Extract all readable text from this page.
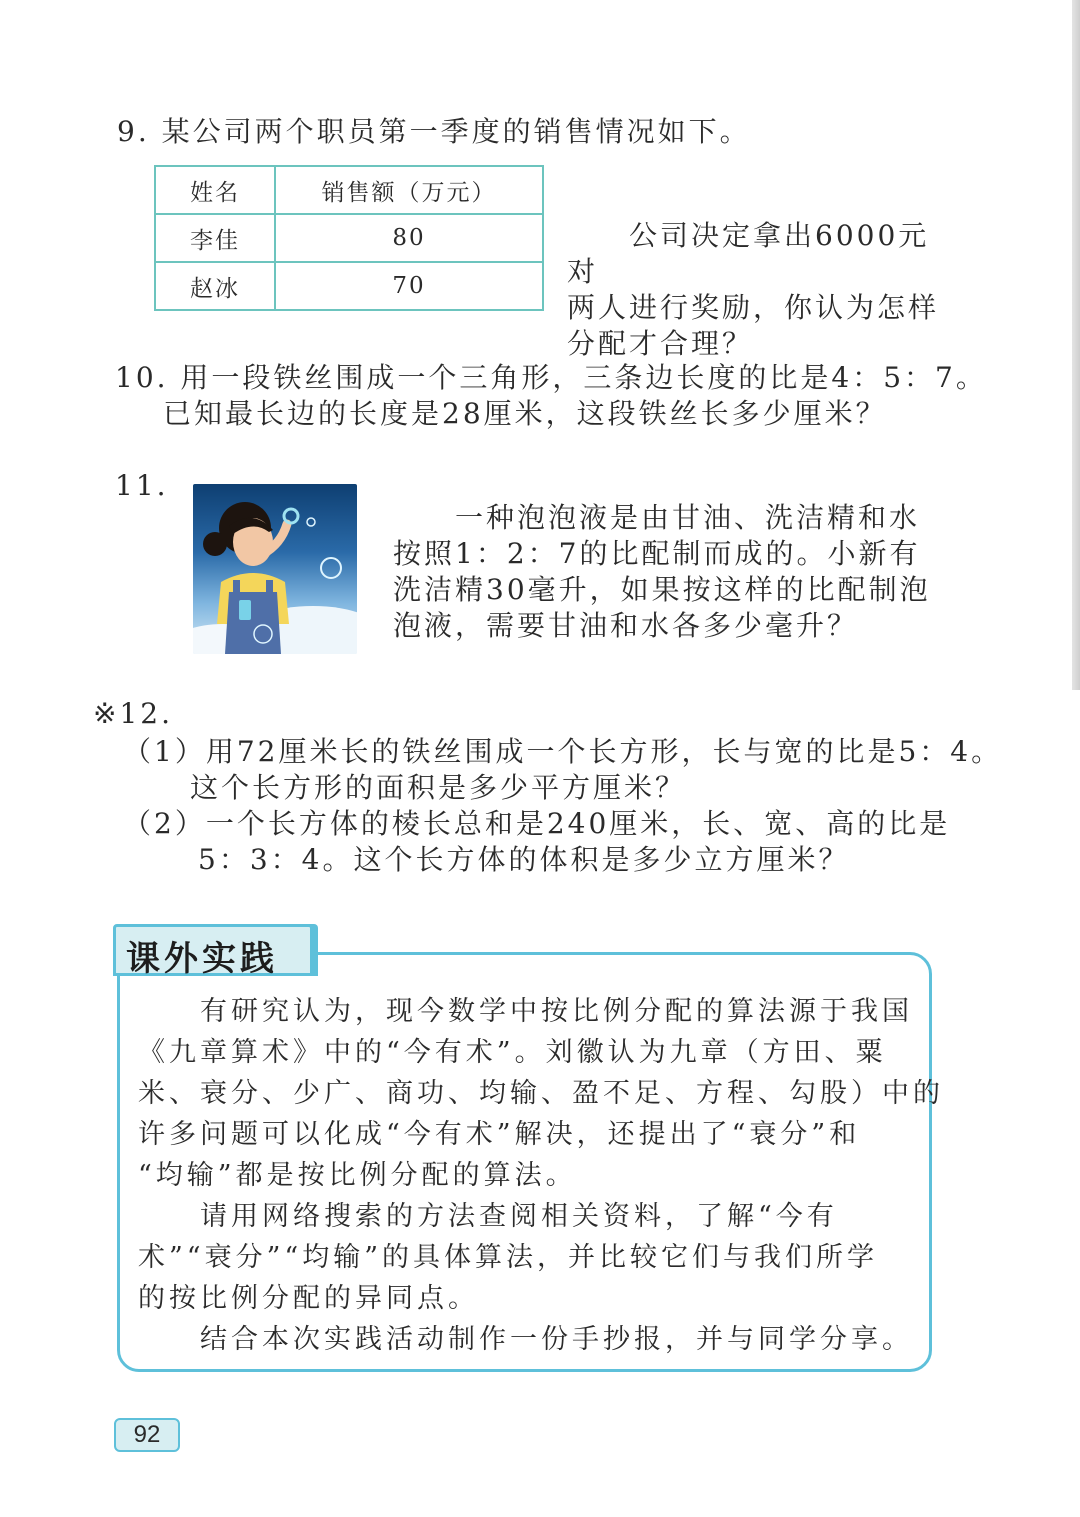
9. 某公司两个职员第一季度的销售情况如下。
姓名	销售额（万元）
李佳	80
赵冰	70
　　公司决定拿出6000元对
两人进行奖励，你认为怎样
分配才合理？
10. 用一段铁丝围成一个三角形，三条边长度的比是4：5：7。
已知最长边的长度是28厘米，这段铁丝长多少厘米？
11.
　　一种泡泡液是由甘油、洗洁精和水
按照1：2：7的比配制而成的。小新有
洗洁精30毫升，如果按这样的比配制泡
泡液，需要甘油和水各多少毫升？
※12.
（1）用72厘米长的铁丝围成一个长方形，长与宽的比是5：4。
这个长方形的面积是多少平方厘米？
（2）一个长方体的棱长总和是240厘米，长、宽、高的比是
5：3：4。这个长方体的体积是多少立方厘米？
课外实践
　　有研究认为，现今数学中按比例分配的算法源于我国
《九章算术》中的“今有术”。刘徽认为九章（方田、粟
米、衰分、少广、商功、均输、盈不足、方程、勾股）中的
许多问题可以化成“今有术”解决，还提出了“衰分”和
“均输”都是按比例分配的算法。
　　请用网络搜索的方法查阅相关资料，了解“今有
术”“衰分”“均输”的具体算法，并比较它们与我们所学
的按比例分配的异同点。
　　结合本次实践活动制作一份手抄报，并与同学分享。
92
